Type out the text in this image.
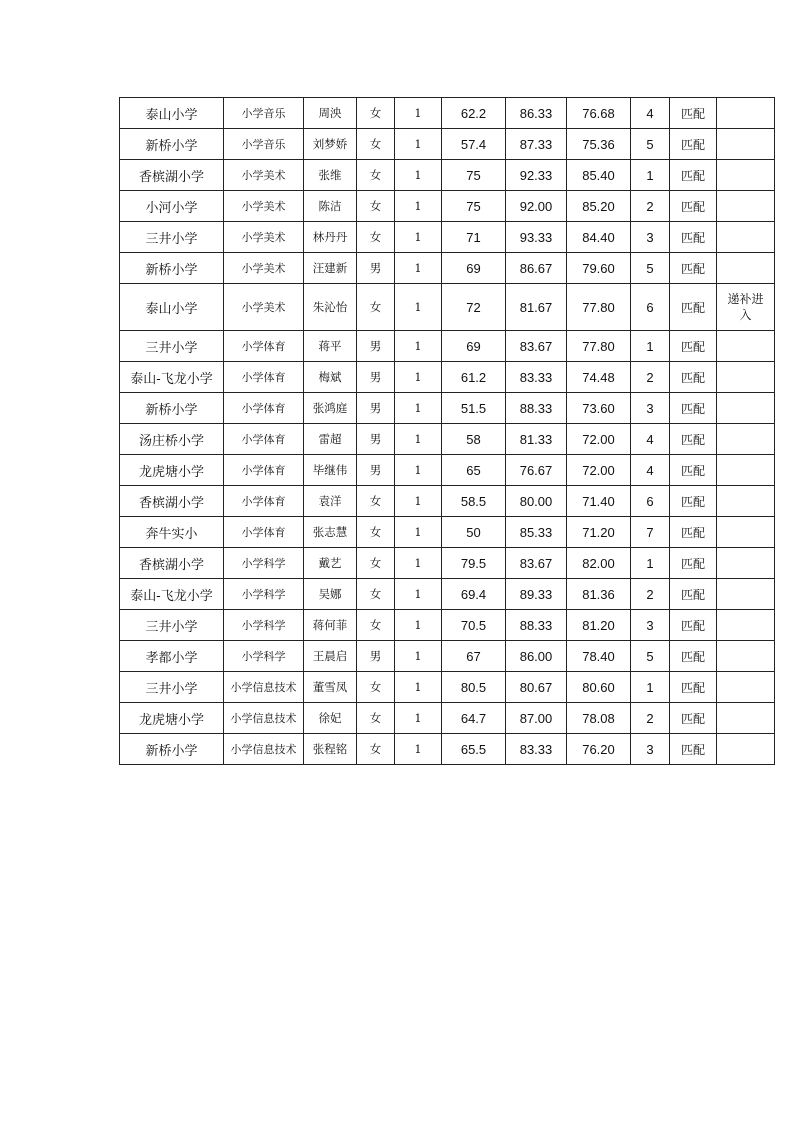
泰山小学	小学音乐	周泱	女	1	62.2	86.33	76.68	4	匹配	

新桥小学	小学音乐	刘梦娇	女	1	57.4	87.33	75.36	5	匹配	

香槟湖小学	小学美术	张维	女	1	75	92.33	85.40	1	匹配	

小河小学	小学美术	陈洁	女	1	75	92.00	85.20	2	匹配	

三井小学	小学美术	林丹丹	女	1	71	93.33	84.40	3	匹配	

新桥小学	小学美术	汪建新	男	1	69	86.67	79.60	5	匹配	

泰山小学	小学美术	朱沁怡	女	1	72	81.67	77.80	6	匹配	递补进入

三井小学	小学体育	蒋平	男	1	69	83.67	77.80	1	匹配	

泰山-飞龙小学	小学体育	梅斌	男	1	61.2	83.33	74.48	2	匹配	

新桥小学	小学体育	张鸿庭	男	1	51.5	88.33	73.60	3	匹配	

汤庄桥小学	小学体育	雷超	男	1	58	81.33	72.00	4	匹配	

龙虎塘小学	小学体育	毕继伟	男	1	65	76.67	72.00	4	匹配	

香槟湖小学	小学体育	袁洋	女	1	58.5	80.00	71.40	6	匹配	

奔牛实小	小学体育	张志慧	女	1	50	85.33	71.20	7	匹配	

香槟湖小学	小学科学	戴艺	女	1	79.5	83.67	82.00	1	匹配	

泰山-飞龙小学	小学科学	吴娜	女	1	69.4	89.33	81.36	2	匹配	

三井小学	小学科学	蒋何菲	女	1	70.5	88.33	81.20	3	匹配	

孝都小学	小学科学	王晨启	男	1	67	86.00	78.40	5	匹配	

三井小学	小学信息技术	董雪凤	女	1	80.5	80.67	80.60	1	匹配	

龙虎塘小学	小学信息技术	徐妃	女	1	64.7	87.00	78.08	2	匹配	

新桥小学	小学信息技术	张程铭	女	1	65.5	83.33	76.20	3	匹配	
